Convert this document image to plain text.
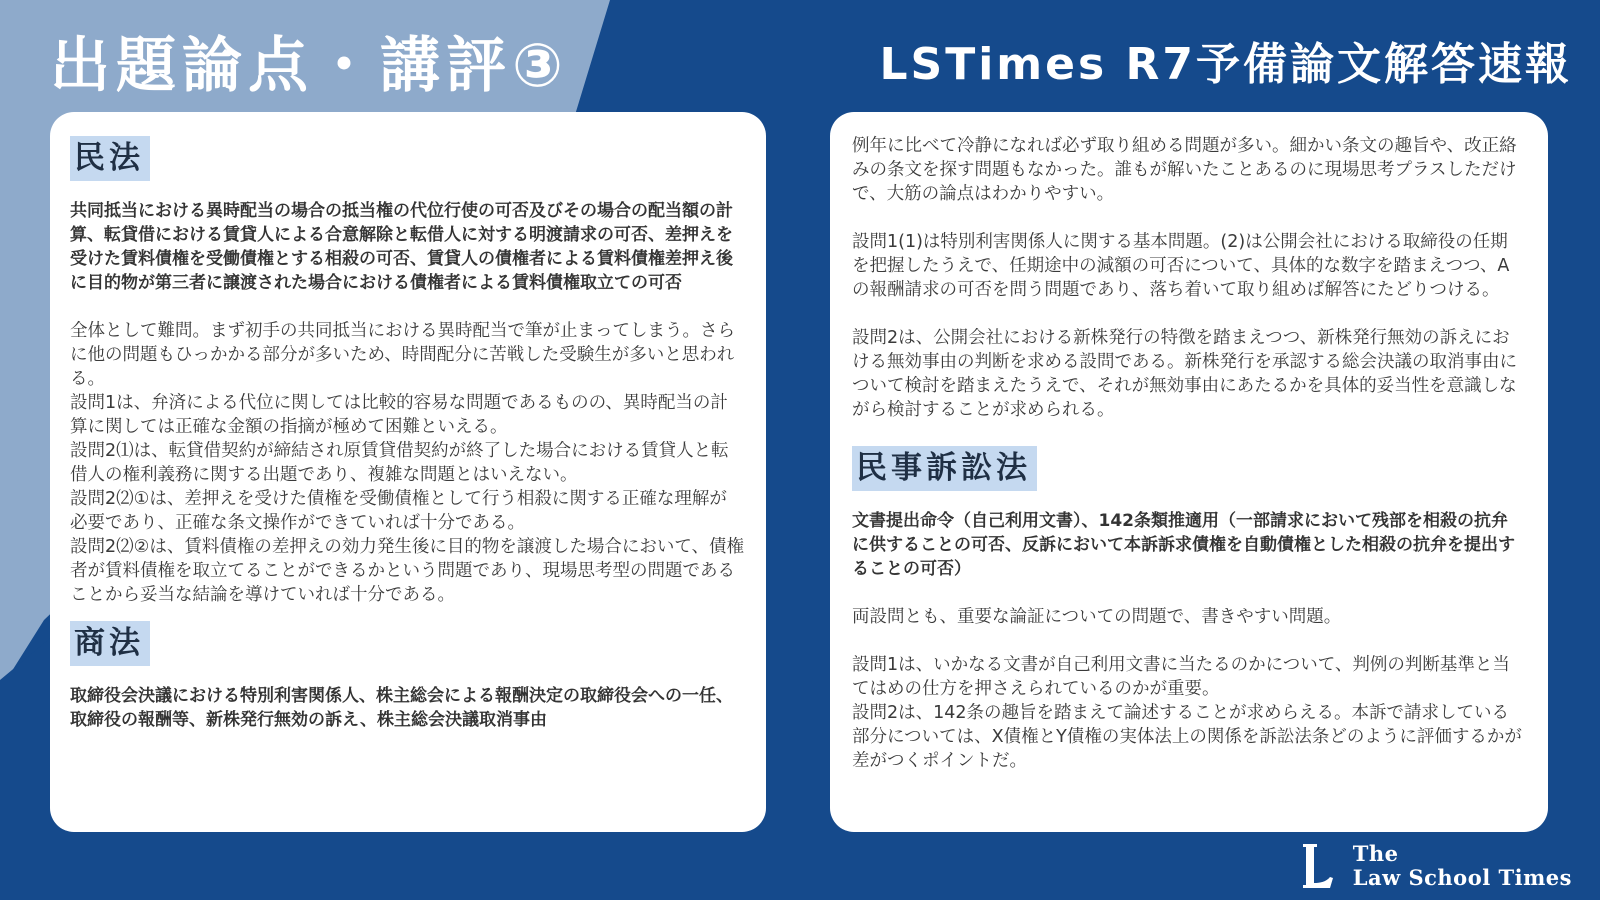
出題論点・講評③	LSTimes R7予備論文解答速報
民法

共同抵当における異時配当の場合の抵当権の代位行使の可否及びその場合の配当額の計算、転貸借における賃貸人による合意解除と転借人に対する明渡請求の可否、差押えを受けた賃料債権を受働債権とする相殺の可否、賃貸人の債権者による賃料債権差押え後に目的物が第三者に譲渡された場合における債権者による賃料債権取立ての可否

全体として難問。まず初手の共同抵当における異時配当で筆が止まってしまう。さらに他の問題もひっかかる部分が多いため、時間配分に苦戦した受験生が多いと思われる。

設問1は、弁済による代位に関しては比較的容易な問題であるものの、異時配当の計算に関しては正確な金額の指摘が極めて困難といえる。

設問2⑴は、転貸借契約が締結され原賃貸借契約が終了した場合における賃貸人と転借人の権利義務に関する出題であり、複雑な問題とはいえない。

設問2⑵①は、差押えを受けた債権を受働債権として行う相殺に関する正確な理解が必要であり、正確な条文操作ができていれば十分である。

設問2⑵②は、賃料債権の差押えの効力発生後に目的物を譲渡した場合において、債権者が賃料債権を取立てることができるかという問題であり、現場思考型の問題であることから妥当な結論を導けていれば十分である。

商法

取締役会決議における特別利害関係人、株主総会による報酬決定の取締役会への一任、取締役の報酬等、新株発行無効の訴え、株主総会決議取消事由

例年に比べて冷静になれば必ず取り組める問題が多い。細かい条文の趣旨や、改正絡みの条文を探す問題もなかった。誰もが解いたことあるのに現場思考プラスしただけで、大筋の論点はわかりやすい。

設問1(1)は特別利害関係人に関する基本問題。(2)は公開会社における取締役の任期を把握したうえで、任期途中の減額の可否について、具体的な数字を踏まえつつ、Aの報酬請求の可否を問う問題であり、落ち着いて取り組めば解答にたどりつける。

設問2は、公開会社における新株発行の特徴を踏まえつつ、新株発行無効の訴えにおける無効事由の判断を求める設問である。新株発行を承認する総会決議の取消事由について検討を踏まえたうえで、それが無効事由にあたるかを具体的妥当性を意識しながら検討することが求められる。

民事訴訟法

文書提出命令（自己利用文書）、142条類推適用（一部請求において残部を相殺の抗弁に供することの可否、反訴において本訴訴求債権を自動債権とした相殺の抗弁を提出することの可否）

両設問とも、重要な論証についての問題で、書きやすい問題。

設問1は、いかなる文書が自己利用文書に当たるのかについて、判例の判断基準と当てはめの仕方を押さえられているのかが重要。

設問2は、142条の趣旨を踏まえて論述することが求めらえる。本訴で請求している部分については、X債権とY債権の実体法上の関係を訴訟法条どのように評価するかが差がつくポイントだ。

The
Law School Times
